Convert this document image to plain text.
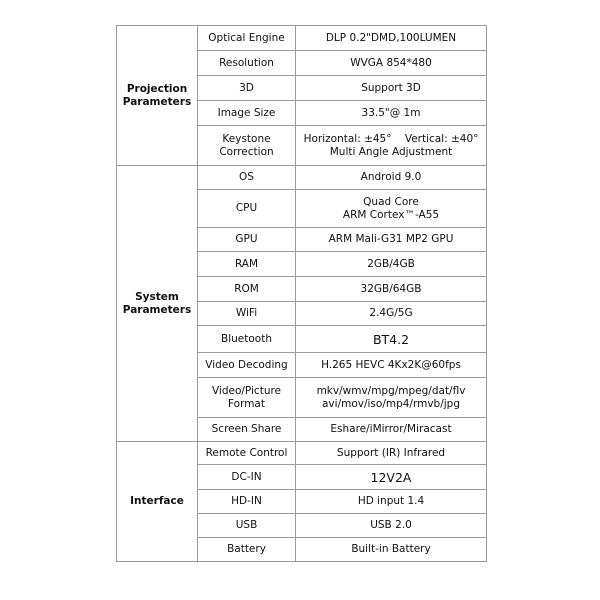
Projection
Parameters	Optical Engine	DLP 0.2"DMD,100LUMEN

	Resolution	WVGA 854*480

	3D	Support 3D

	Image Size	33.5"@ 1m

	Keystone
Correction	Horizontal: ±45°    Vertical: ±40°
Multi Angle Adjustment

System
Parameters	OS	Android 9.0

	CPU	Quad Core
ARM Cortex™-A55

	GPU	ARM Mali-G31 MP2 GPU

	RAM	2GB/4GB

	ROM	32GB/64GB

	WiFi	2.4G/5G

	Bluetooth	BT4.2

	Video Decoding	H.265 HEVC 4Kx2K@60fps

	Video/Picture
Format	mkv/wmv/mpg/mpeg/dat/flv
avi/mov/iso/mp4/rmvb/jpg

	Screen Share	Eshare/iMirror/Miracast

Interface	Remote Control	Support (IR) Infrared

	DC-IN	12V2A

	HD-IN	HD input 1.4

	USB	USB 2.0

	Battery	Built-in Battery
